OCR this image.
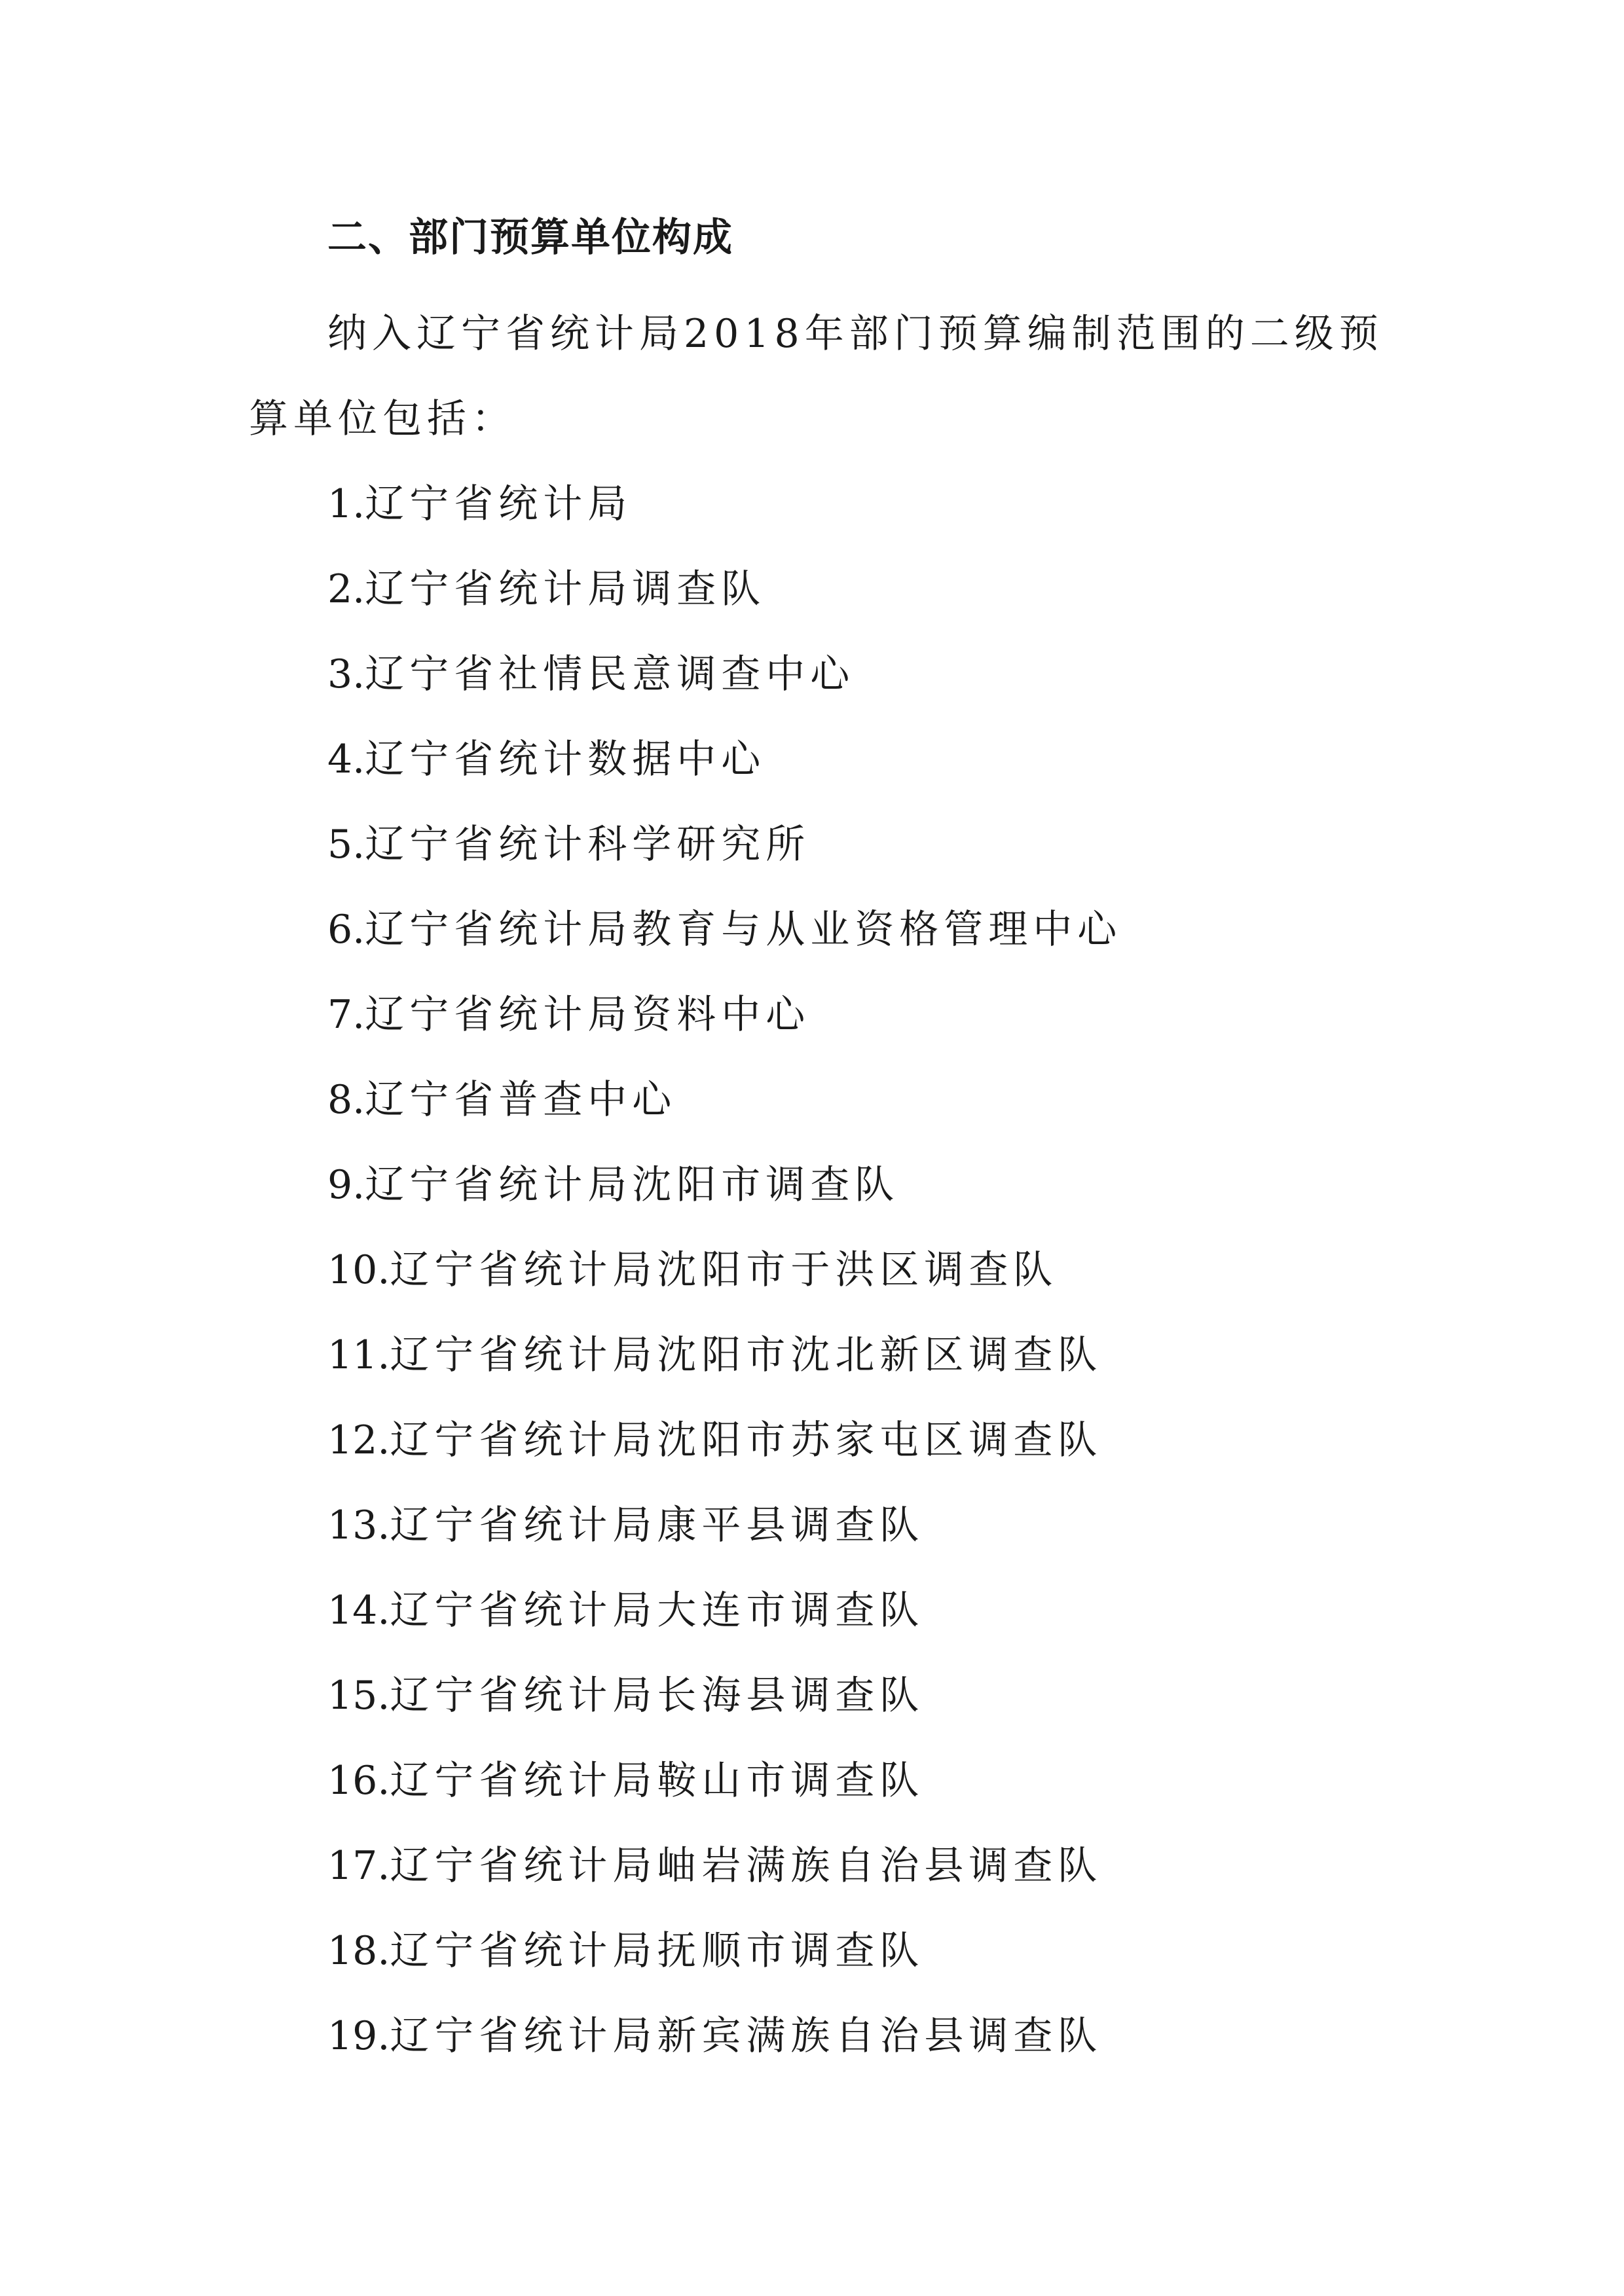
二、部门预算单位构成

纳入辽宁省统计局2018年部门预算编制范围的二级预算单位包括：

1.辽宁省统计局
2.辽宁省统计局调查队
3.辽宁省社情民意调查中心
4.辽宁省统计数据中心
5.辽宁省统计科学研究所
6.辽宁省统计局教育与从业资格管理中心
7.辽宁省统计局资料中心
8.辽宁省普查中心
9.辽宁省统计局沈阳市调查队
10.辽宁省统计局沈阳市于洪区调查队
11.辽宁省统计局沈阳市沈北新区调查队
12.辽宁省统计局沈阳市苏家屯区调查队
13.辽宁省统计局康平县调查队
14.辽宁省统计局大连市调查队
15.辽宁省统计局长海县调查队
16.辽宁省统计局鞍山市调查队
17.辽宁省统计局岫岩满族自治县调查队
18.辽宁省统计局抚顺市调查队
19.辽宁省统计局新宾满族自治县调查队
